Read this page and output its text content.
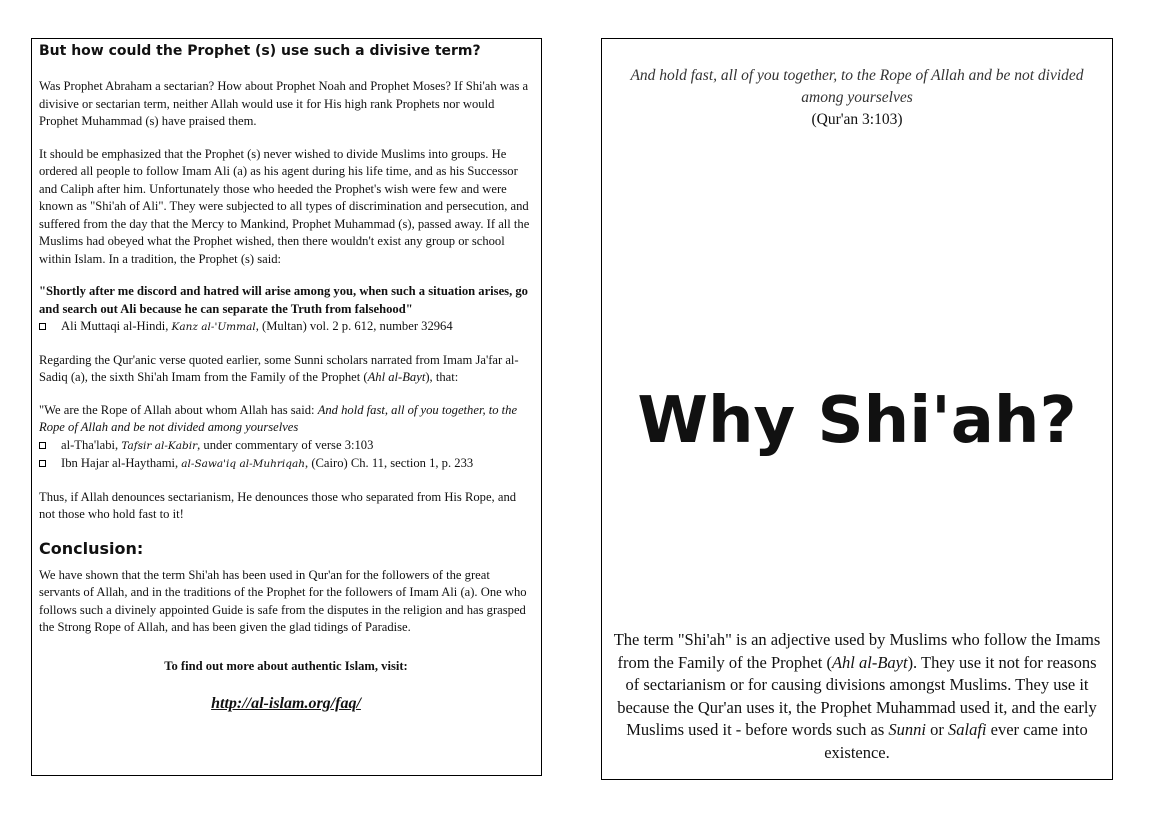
But how could the Prophet (s) use such a divisive term?

Was Prophet Abraham a sectarian? How about Prophet Noah and Prophet Moses? If Shi'ah was a divisive or sectarian term, neither Allah would use it for His high rank Prophets nor would Prophet Muhammad (s) have praised them.

It should be emphasized that the Prophet (s) never wished to divide Muslims into groups. He ordered all people to follow Imam Ali (a) as his agent during his life time, and as his Successor and Caliph after him. Unfortunately those who heeded the Prophet's wish were few and were known as "Shi'ah of Ali". They were subjected to all types of discrimination and persecution, and suffered from the day that the Mercy to Mankind, Prophet Muhammad (s), passed away. If all the Muslims had obeyed what the Prophet wished, then there wouldn't exist any group or school within Islam. In a tradition, the Prophet (s) said:

"Shortly after me discord and hatred will arise among you, when such a situation arises, go and search out Ali because he can separate the Truth from falsehood"

Ali Muttaqi al-Hindi, Kanz al-'Ummal, (Multan) vol. 2 p. 612, number 32964

Regarding the Qur'anic verse quoted earlier, some Sunni scholars narrated from Imam Ja'far al-Sadiq (a), the sixth Shi'ah Imam from the Family of the Prophet (Ahl al-Bayt), that:

"We are the Rope of Allah about whom Allah has said: And hold fast, all of you together, to the Rope of Allah and be not divided among yourselves

al-Tha'labi, Tafsir al-Kabir, under commentary of verse 3:103
Ibn Hajar al-Haythami, al-Sawa'iq al-Muhriqah, (Cairo) Ch. 11, section 1, p. 233

Thus, if Allah denounces sectarianism, He denounces those who separated from His Rope, and not those who hold fast to it!

Conclusion:

We have shown that the term Shi'ah has been used in Qur'an for the followers of the great servants of Allah, and in the traditions of the Prophet for the followers of Imam Ali (a). One who follows such a divinely appointed Guide is safe from the disputes in the religion and has grasped the Strong Rope of Allah, and has been given the glad tidings of Paradise.

To find out more about authentic Islam, visit:
http://al-islam.org/faq/
And hold fast, all of you together, to the Rope of Allah and be not divided among yourselves
(Qur'an 3:103)
Why Shi'ah?
The term "Shi'ah" is an adjective used by Muslims who follow the Imams from the Family of the Prophet (Ahl al-Bayt). They use it not for reasons of sectarianism or for causing divisions amongst Muslims. They use it because the Qur'an uses it, the Prophet Muhammad used it, and the early Muslims used it - before words such as Sunni or Salafi ever came into existence.
